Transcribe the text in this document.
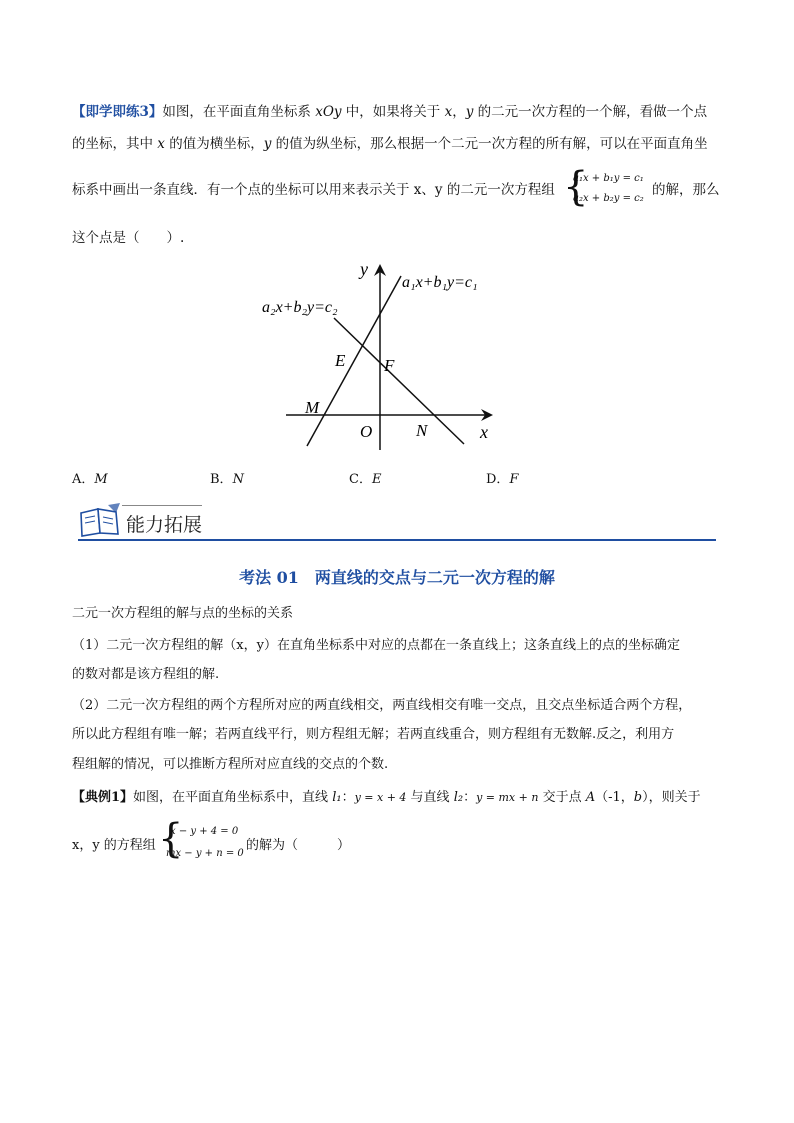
【即学即练3】如图，在平面直角坐标系 xOy 中，如果将关于 x，y 的二元一次方程的一个解，看做一个点
的坐标，其中 x 的值为横坐标，y 的值为纵坐标，那么根据一个二元一次方程的所有解，可以在平面直角坐
标系中画出一条直线．有一个点的坐标可以用来表示关于 x、y 的二元一次方程组 {
a₁x + b₁y = c₁
a₂x + b₂y = c₂
的解，那么
这个点是（　　）.
y
x
O
a₁x+b₁y=c₁
a₂x+b₂y=c₂
E F
M
N
A．M	B．N	C．E	D．F
能力拓展
考法 01　两直线的交点与二元一次方程的解
二元一次方程组的解与点的坐标的关系
（1）二元一次方程组的解（x，y）在直角坐标系中对应的点都在一条直线上；这条直线上的点的坐标确定
的数对都是该方程组的解.
（2）二元一次方程组的两个方程所对应的两直线相交，两直线相交有唯一交点，且交点坐标适合两个方程，
所以此方程组有唯一解；若两直线平行，则方程组无解；若两直线重合，则方程组有无数解.反之，利用方
程组解的情况，可以推断方程所对应直线的交点的个数.
【典例1】如图，在平面直角坐标系中，直线 l₁：y = x + 4 与直线 l₂：y = mx + n 交于点 A（-1，b），则关于
x，y 的方程组 {
x − y + 4 = 0
mx − y + n = 0
的解为（　　　）
